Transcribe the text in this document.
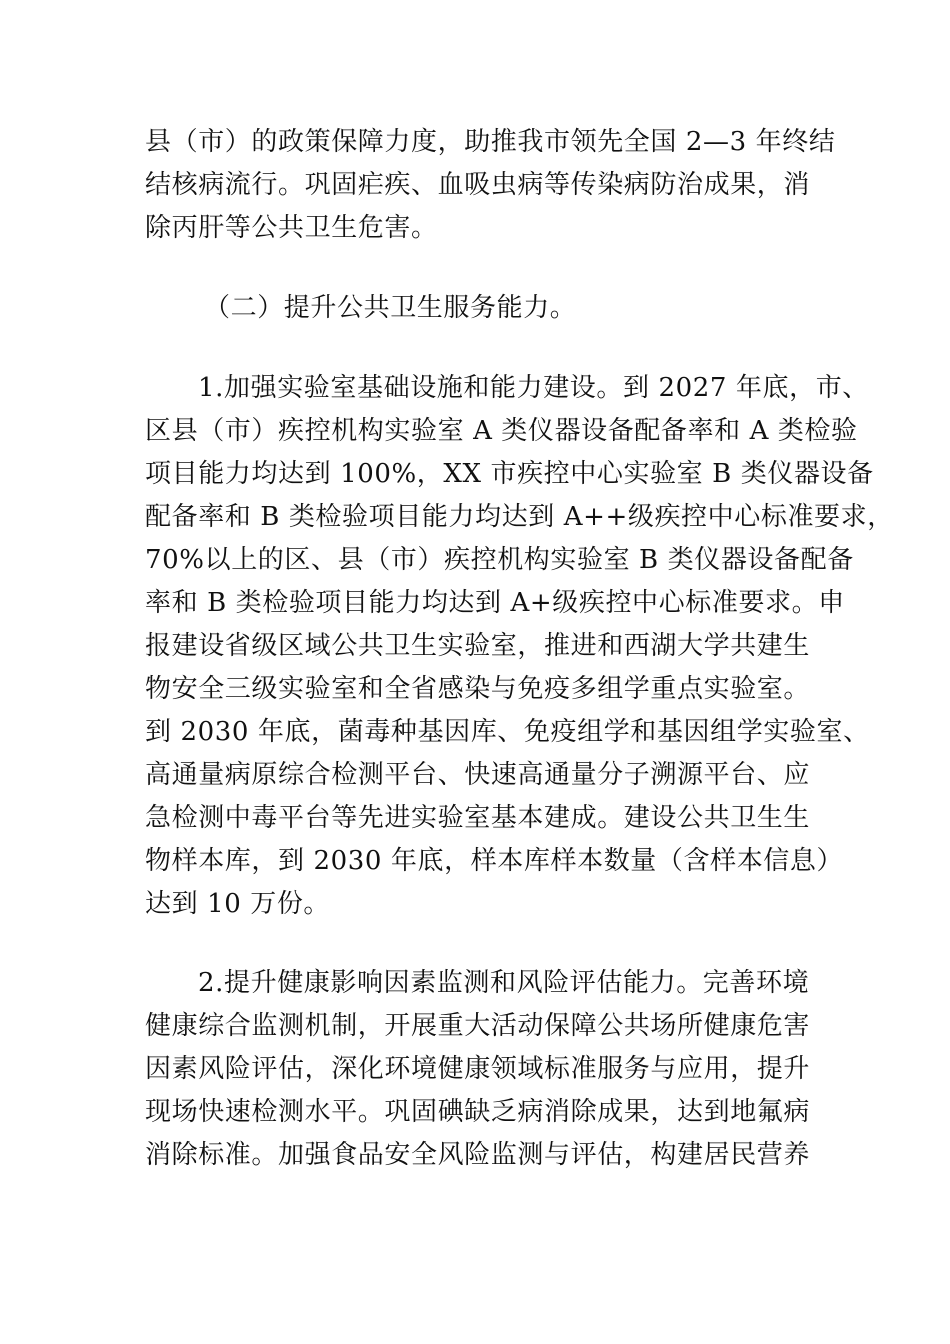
县（市）的政策保障力度，助推我市领先全国 2—3 年终结
结核病流行。巩固疟疾、血吸虫病等传染病防治成果，消
除丙肝等公共卫生危害。
（二）提升公共卫生服务能力。
1.加强实验室基础设施和能力建设。到 2027 年底，市、
区县（市）疾控机构实验室 A 类仪器设备配备率和 A 类检验
项目能力均达到 100%，XX 市疾控中心实验室 B 类仪器设备
配备率和 B 类检验项目能力均达到 A++级疾控中心标准要求，
70%以上的区、县（市）疾控机构实验室 B 类仪器设备配备
率和 B 类检验项目能力均达到 A+级疾控中心标准要求。申
报建设省级区域公共卫生实验室，推进和西湖大学共建生
物安全三级实验室和全省感染与免疫多组学重点实验室。
到 2030 年底，菌毒种基因库、免疫组学和基因组学实验室、
高通量病原综合检测平台、快速高通量分子溯源平台、应
急检测中毒平台等先进实验室基本建成。建设公共卫生生
物样本库，到 2030 年底，样本库样本数量（含样本信息）
达到 10 万份。
2.提升健康影响因素监测和风险评估能力。完善环境
健康综合监测机制，开展重大活动保障公共场所健康危害
因素风险评估，深化环境健康领域标准服务与应用，提升
现场快速检测水平。巩固碘缺乏病消除成果，达到地氟病
消除标准。加强食品安全风险监测与评估，构建居民营养
